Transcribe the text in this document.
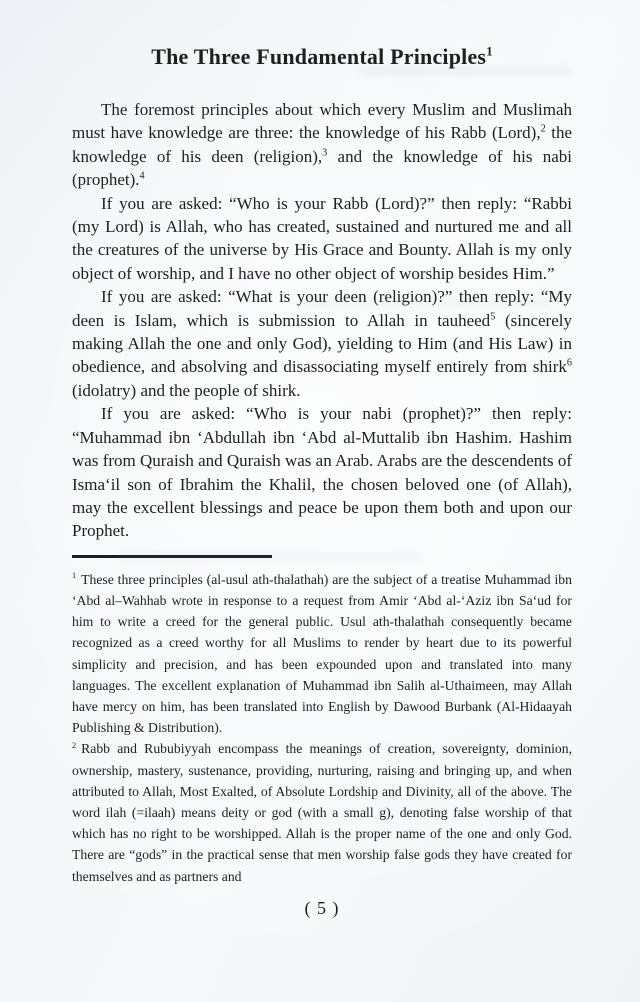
The Three Fundamental Principles$^1$

The foremost principles about which every Muslim and Muslimah must have knowledge are three: the knowledge of his Rabb (Lord),$^2$ the knowledge of his deen (religion),$^3$ and the knowledge of his nabi (prophet).$^4$

If you are asked: “Who is your Rabb (Lord)?” then reply: “Rabbi (my Lord) is Allah, who has created, sustained and nurtured me and all the creatures of the universe by His Grace and Bounty. Allah is my only object of worship, and I have no other object of worship besides Him.”

If you are asked: “What is your deen (religion)?” then reply: “My deen is Islam, which is submission to Allah in tauheed$^5$ (sincerely making Allah the one and only God), yielding to Him (and His Law) in obedience, and absolving and disassociating myself entirely from shirk$^6$ (idolatry) and the people of shirk.

If you are asked: “Who is your nabi (prophet)?” then reply: “Muhammad ibn ‘Abdullah ibn ‘Abd al-Muttalib ibn Hashim. Hashim was from Quraish and Quraish was an Arab. Arabs are the descendents of Isma‘il son of Ibrahim the Khalil, the chosen beloved one (of Allah), may the excellent blessings and peace be upon them both and upon our Prophet.

$^1$ These three principles (al-usul ath-thalathah) are the subject of a treatise Muhammad ibn ‘Abd al–Wahhab wrote in response to a request from Amir ‘Abd al-‘Aziz ibn Sa‘ud for him to write a creed for the general public. Usul ath-thalathah consequently became recognized as a creed worthy for all Muslims to render by heart due to its powerful simplicity and precision, and has been expounded upon and translated into many languages. The excellent explanation of Muhammad ibn Salih al-Uthaimeen, may Allah have mercy on him, has been translated into English by Dawood Burbank (Al-Hidaayah Publishing & Distribution).

$^2$ Rabb and Rububiyyah encompass the meanings of creation, sovereignty, dominion, ownership, mastery, sustenance, providing, nurturing, raising and bringing up, and when attributed to Allah, Most Exalted, of Absolute Lordship and Divinity, all of the above. The word ilah (=ilaah) means deity or god (with a small g), denoting false worship of that which has no right to be worshipped. Allah is the proper name of the one and only God. There are “gods” in the practical sense that men worship false gods they have created for themselves and as partners and

( 5 )
